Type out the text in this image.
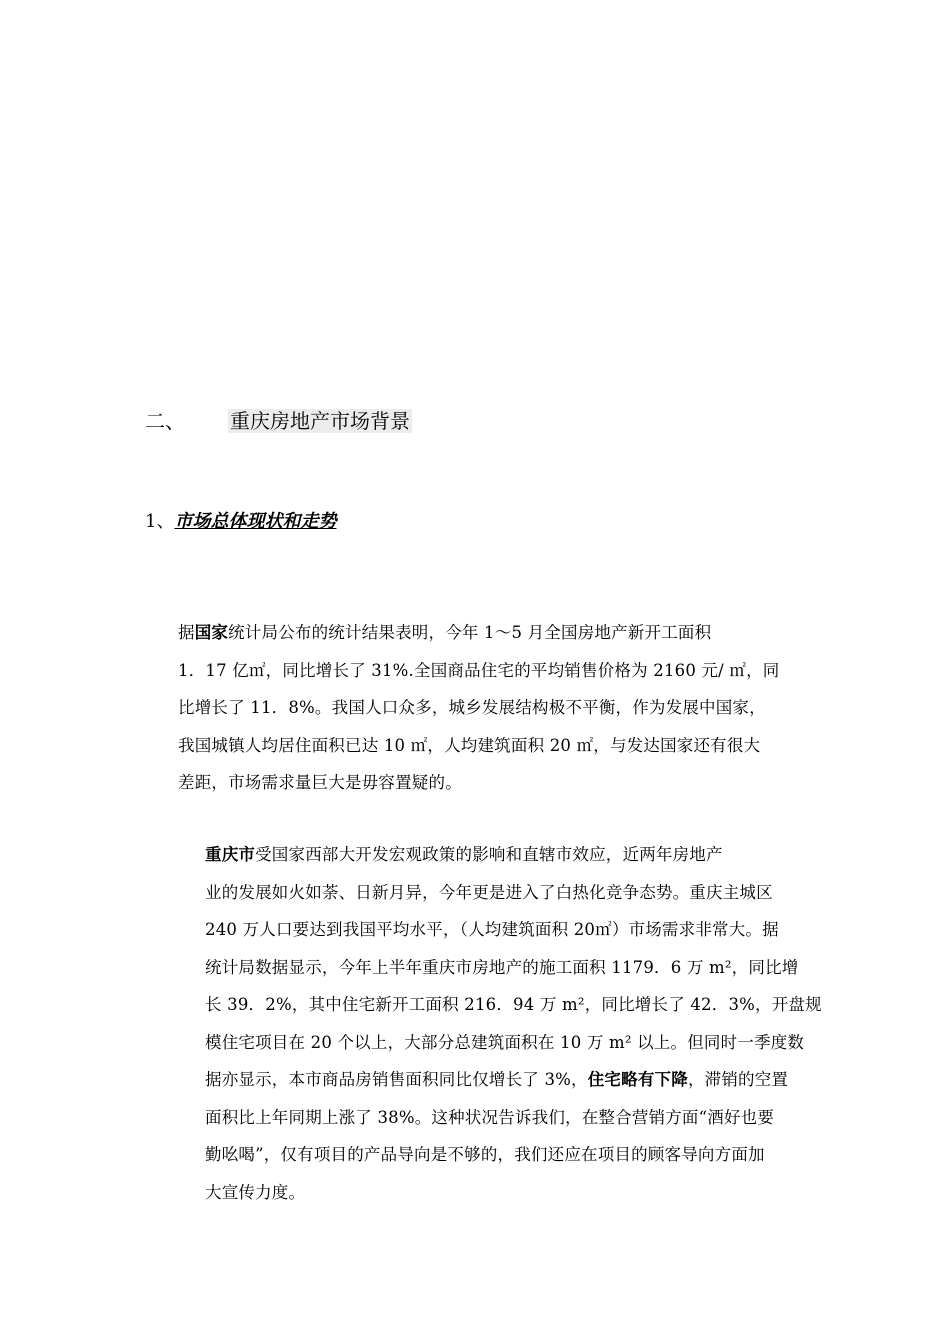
二、 重庆房地产市场背景
1、市场总体现状和走势

据国家统计局公布的统计结果表明，今年 1～5 月全国房地产新开工面积
1．17 亿㎡，同比增长了 31%.全国商品住宅的平均销售价格为 2160 元/ ㎡，同
比增长了 11．8%。我国人口众多，城乡发展结构极不平衡，作为发展中国家，
我国城镇人均居住面积已达 10 ㎡，人均建筑面积 20 ㎡，与发达国家还有很大
差距，市场需求量巨大是毋容置疑的。

重庆市受国家西部大开发宏观政策的影响和直辖市效应，近两年房地产
业的发展如火如荼、日新月异，今年更是进入了白热化竞争态势。重庆主城区
240 万人口要达到我国平均水平，（人均建筑面积 20㎡）市场需求非常大。据
统计局数据显示，今年上半年重庆市房地产的施工面积 1179．6 万 m²，同比增
长 39．2%，其中住宅新开工面积 216．94 万 m²，同比增长了 42．3%，开盘规
模住宅项目在 20 个以上，大部分总建筑面积在 10 万 m² 以上。但同时一季度数
据亦显示，本市商品房销售面积同比仅增长了 3%，住宅略有下降，滞销的空置
面积比上年同期上涨了 38%。这种状况告诉我们，在整合营销方面“酒好也要
勤吆喝”，仅有项目的产品导向是不够的，我们还应在项目的顾客导向方面加
大宣传力度。
